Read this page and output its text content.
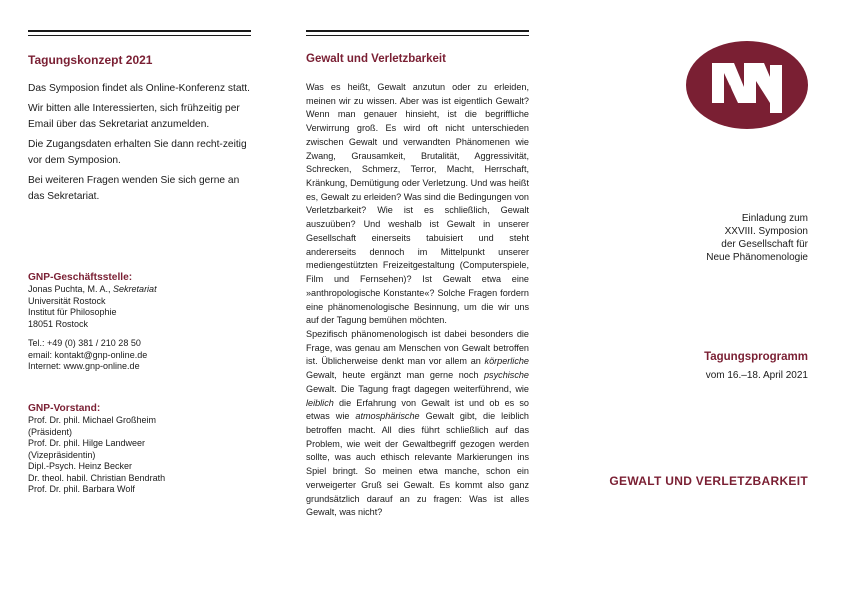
Tagungskonzept 2021

Das Symposion findet als Online-Konferenz statt.

Wir bitten alle Interessierten, sich frühzeitig per Email über das Sekretariat anzumelden.

Die Zugangsdaten erhalten Sie dann recht-zeitig vor dem Symposion.

Bei weiteren Fragen wenden Sie sich gerne an das Sekretariat.

GNP-Geschäftsstelle:
Jonas Puchta, M. A., Sekretariat
Universität Rostock
Institut für Philosophie
18051 Rostock
Tel.: +49 (0) 381 / 210 28 50
email: kontakt@gnp-online.de
Internet: www.gnp-online.de
GNP-Vorstand:
Prof. Dr. phil. Michael Großheim
(Präsident)
Prof. Dr. phil. Hilge Landweer
(Vizepräsidentin)
Dipl.-Psych. Heinz Becker
Dr. theol. habil. Christian Bendrath
Prof. Dr. phil. Barbara Wolf
Gewalt und Verletzbarkeit

Was es heißt, Gewalt anzutun oder zu erleiden, meinen wir zu wissen. Aber was ist eigentlich Gewalt? Wenn man genauer hinsieht, ist die begriffliche Verwirrung groß. Es wird oft nicht unterschieden zwischen Gewalt und verwandten Phänomenen wie Zwang, Grausamkeit, Brutalität, Aggressivität, Schrecken, Schmerz, Terror, Macht, Herrschaft, Kränkung, Demütigung oder Verletzung. Und was heißt es, Gewalt zu erleiden? Was sind die Bedingungen von Verletzbarkeit? Wie ist es schließlich, Gewalt auszuüben? Und weshalb ist Gewalt in unserer Gesellschaft einerseits tabuisiert und steht andererseits dennoch im Mittelpunkt unserer mediengestützten Freizeitgestaltung (Computerspiele, Film und Fernsehen)? Ist Gewalt etwa eine »anthropologische Konstante«? Solche Fragen fordern eine phänomenologische Besinnung, um die wir uns auf der Tagung bemühen möchten.

Spezifisch phänomenologisch ist dabei besonders die Frage, was genau am Menschen von Gewalt betroffen ist. Üblicherweise denkt man vor allem an körperliche Gewalt, heute ergänzt man gerne noch psychische Gewalt. Die Tagung fragt dagegen weiterführend, wie leiblich die Erfahrung von Gewalt ist und ob es so etwas wie atmosphärische Gewalt gibt, die leiblich betroffen macht. All dies führt schließlich auf das Problem, wie weit der Gewaltbegriff gezogen werden sollte, was auch ethisch relevante Markierungen ins Spiel bringt. So meinen etwa manche, schon ein verweigerter Gruß sei Gewalt. Es kommt also ganz grundsätzlich darauf an zu fragen: Was ist alles Gewalt, was nicht?

Einladung zum
XXVIII. Symposion
der Gesellschaft für
Neue Phänomenologie
Tagungsprogramm
vom 16.–18. April 2021
GEWALT UND VERLETZBARKEIT
